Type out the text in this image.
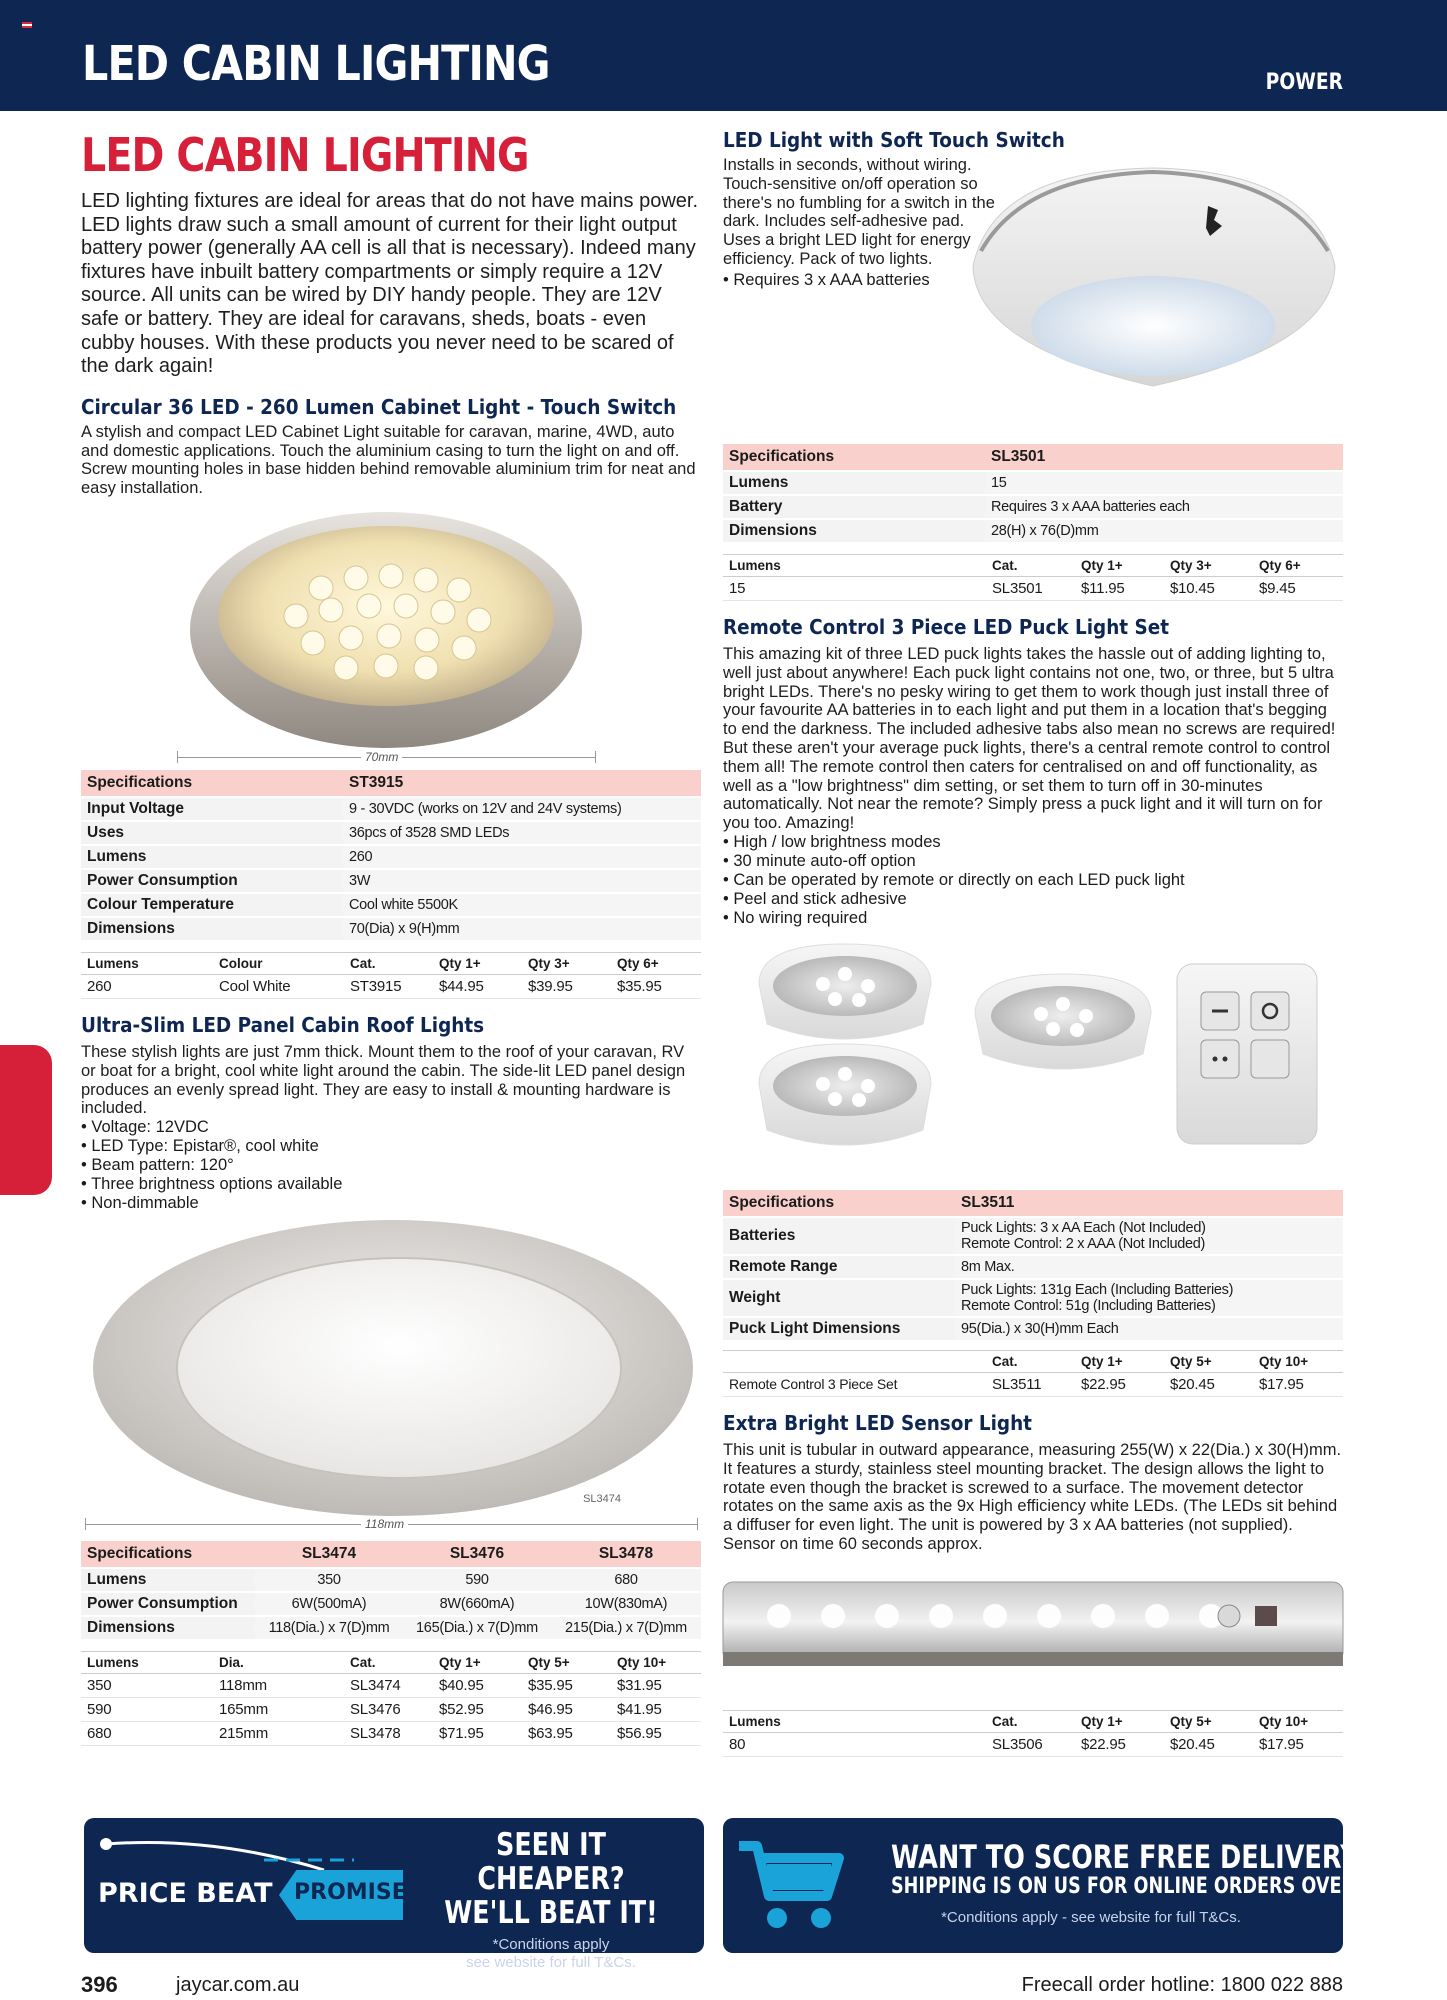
LED CABIN LIGHTING	POWER
LED CABIN LIGHTING

LED lighting fixtures are ideal for areas that do not have mains power. LED lights draw such a small amount of current for their light output battery power (generally AA cell is all that is necessary). Indeed many fixtures have inbuilt battery compartments or simply require a 12V source. All units can be wired by DIY handy people. They are 12V safe or battery. They are ideal for caravans, sheds, boats - even cubby houses. With these products you never need to be scared of the dark again!

Circular 36 LED - 260 Lumen Cabinet Light - Touch Switch

A stylish and compact LED Cabinet Light suitable for caravan, marine, 4WD, auto and domestic applications. Touch the aluminium casing to turn the light on and off. Screw mounting holes in base hidden behind removable aluminium trim for neat and easy installation.

70mm
Specifications	ST3915
Input Voltage	9 - 30VDC (works on 12V and 24V systems)
Uses	36pcs of 3528 SMD LEDs
Lumens	260
Power Consumption	3W
Colour Temperature	Cool white 5500K
Dimensions	70(Dia) x 9(H)mm
Lumens	Colour	Cat.	Qty 1+	Qty 3+	Qty 6+
260	Cool White	ST3915	$44.95	$39.95	$35.95
Ultra-Slim LED Panel Cabin Roof Lights

These stylish lights are just 7mm thick. Mount them to the roof of your caravan, RV or boat for a bright, cool white light around the cabin. The side-lit LED panel design produces an evenly spread light. They are easy to install & mounting hardware is included.

• Voltage: 12VDC
• LED Type: Epistar®, cool white
• Beam pattern: 120°
• Three brightness options available
• Non-dimmable
SL3474
118mm
Specifications	SL3474	SL3476	SL3478
Lumens	350	590	680
Power Consumption	6W(500mA)	8W(660mA)	10W(830mA)
Dimensions	118(Dia.) x 7(D)mm	165(Dia.) x 7(D)mm	215(Dia.) x 7(D)mm
Lumens	Dia.	Cat.	Qty 1+	Qty 5+	Qty 10+
350	118mm	SL3474	$40.95	$35.95	$31.95
590	165mm	SL3476	$52.95	$46.95	$41.95
680	215mm	SL3478	$71.95	$63.95	$56.95
LED Light with Soft Touch Switch

Installs in seconds, without wiring. Touch-sensitive on/off operation so there's no fumbling for a switch in the dark. Includes self-adhesive pad. Uses a bright LED light for energy efficiency. Pack of two lights.

• Requires 3 x AAA batteries
Specifications	SL3501
Lumens	15
Battery	Requires 3 x AAA batteries each
Dimensions	28(H) x 76(D)mm
Lumens		Cat.	Qty 1+	Qty 3+	Qty 6+
15		SL3501	$11.95	$10.45	$9.45
Remote Control 3 Piece LED Puck Light Set

This amazing kit of three LED puck lights takes the hassle out of adding lighting to, well just about anywhere! Each puck light contains not one, two, or three, but 5 ultra bright LEDs. There's no pesky wiring to get them to work though just install three of your favourite AA batteries in to each light and put them in a location that's begging to end the darkness. The included adhesive tabs also mean no screws are required! But these aren't your average puck lights, there's a central remote control to control them all! The remote control then caters for centralised on and off functionality, as well as a "low brightness" dim setting, or set them to turn off in 30-minutes automatically. Not near the remote? Simply press a puck light and it will turn on for you too. Amazing!

• High / low brightness modes
• 30 minute auto-off option
• Can be operated by remote or directly on each LED puck light
• Peel and stick adhesive
• No wiring required
Specifications	SL3511
Batteries	Puck Lights: 3 x AA Each (Not Included)
Remote Control: 2 x AAA (Not Included)

Remote Range	8m Max.
Weight	Puck Lights: 131g Each (Including Batteries)
Remote Control: 51g (Including Batteries)

Puck Light Dimensions	95(Dia.) x 30(H)mm Each
		Cat.	Qty 1+	Qty 5+	Qty 10+
Remote Control 3 Piece Set		SL3511	$22.95	$20.45	$17.95
Extra Bright LED Sensor Light

This unit is tubular in outward appearance, measuring 255(W) x 22(Dia.) x 30(H)mm. It features a sturdy, stainless steel mounting bracket. The design allows the light to rotate even though the bracket is screwed to a surface. The movement detector rotates on the same axis as the 9x High efficiency white LEDs. (The LEDs sit behind a diffuser for even light. The unit is powered by 3 x AA batteries (not supplied). Sensor on time 60 seconds approx.

Lumens		Cat.	Qty 1+	Qty 5+	Qty 10+
80		SL3506	$22.95	$20.45	$17.95
PRICE BEAT PROMISE
SEEN IT CHEAPER?
WE'LL BEAT IT!
*Conditions apply
see website for full T&Cs.
WANT TO SCORE FREE DELIVERY?
SHIPPING IS ON US FOR ONLINE ORDERS OVER $99
*Conditions apply - see website for full T&Cs.
396	jaycar.com.au	Freecall order hotline: 1800 022 888
